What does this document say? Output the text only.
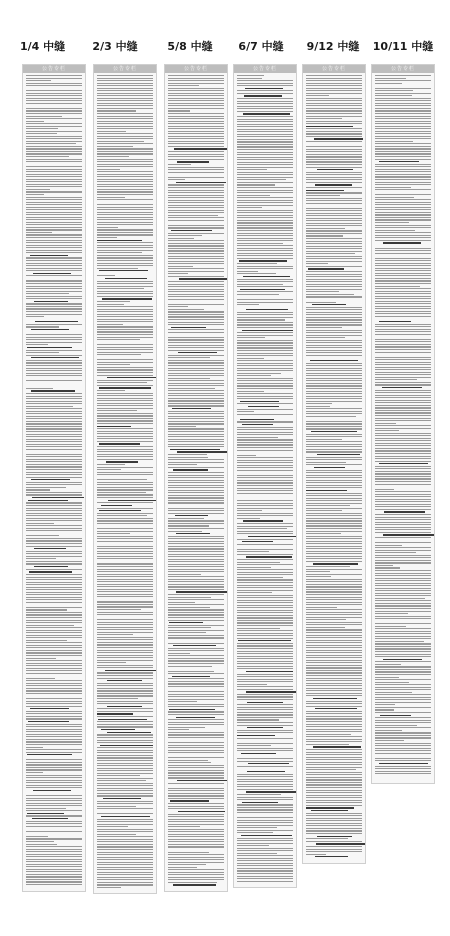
1/4 中缝 2/3 中缝	5/8 中缝 6/7 中缝	9/12 中缝	10/11 中缝
公告专栏	公告专栏	公告专栏	公告专栏	公告专栏	公告专栏
